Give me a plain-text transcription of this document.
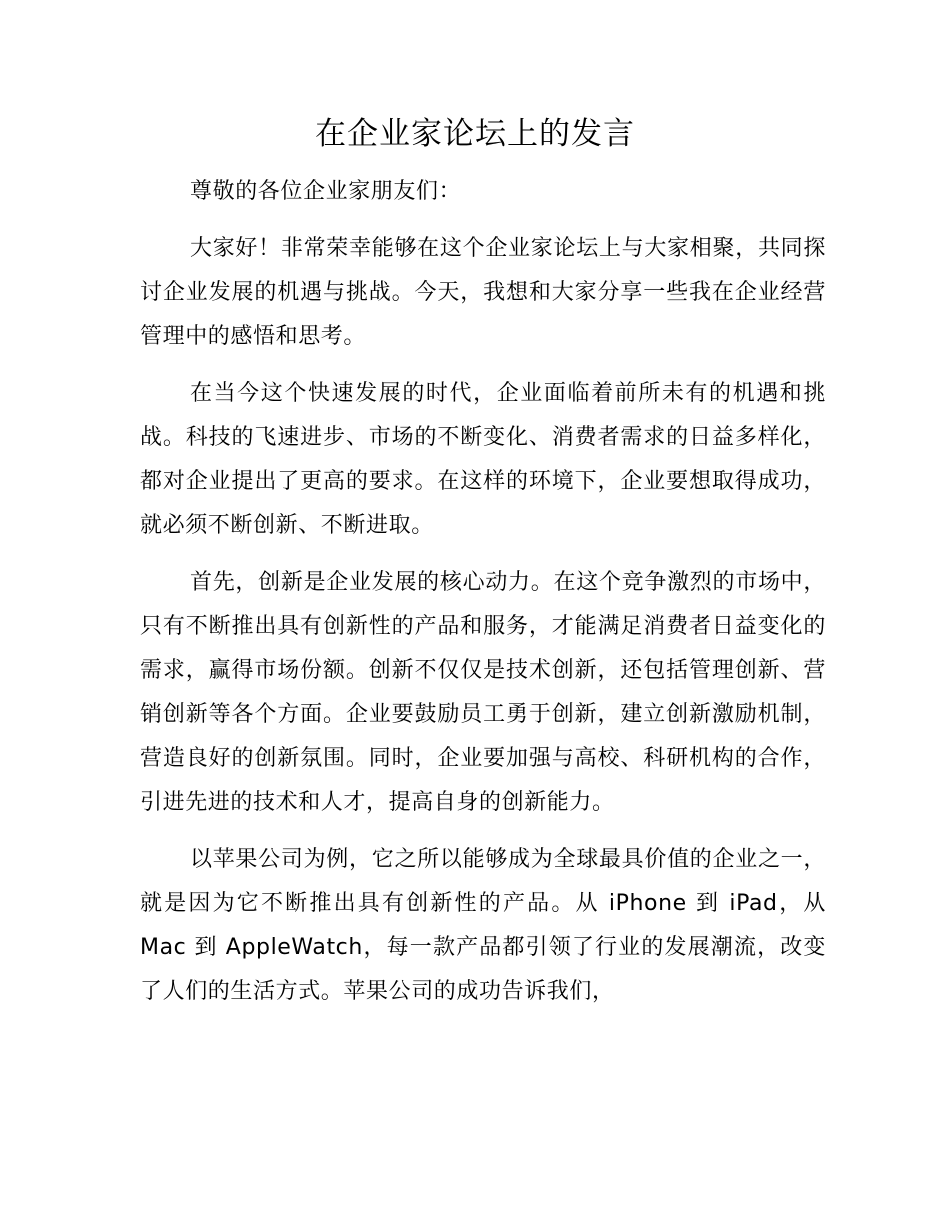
在企业家论坛上的发言

尊敬的各位企业家朋友们：

大家好！非常荣幸能够在这个企业家论坛上与大家相聚，共同探讨企业发展的机遇与挑战。今天，我想和大家分享一些我在企业经营管理中的感悟和思考。

在当今这个快速发展的时代，企业面临着前所未有的机遇和挑战。科技的飞速进步、市场的不断变化、消费者需求的日益多样化，都对企业提出了更高的要求。在这样的环境下，企业要想取得成功，就必须不断创新、不断进取。

首先，创新是企业发展的核心动力。在这个竞争激烈的市场中，只有不断推出具有创新性的产品和服务，才能满足消费者日益变化的需求，赢得市场份额。创新不仅仅是技术创新，还包括管理创新、营销创新等各个方面。企业要鼓励员工勇于创新，建立创新激励机制，营造良好的创新氛围。同时，企业要加强与高校、科研机构的合作，引进先进的技术和人才，提高自身的创新能力。

以苹果公司为例，它之所以能够成为全球最具价值的企业之一，就是因为它不断推出具有创新性的产品。从 iPhone 到 iPad，从 Mac 到 AppleWatch，每一款产品都引领了行业的发展潮流，改变了人们的生活方式。苹果公司的成功告诉我们，
